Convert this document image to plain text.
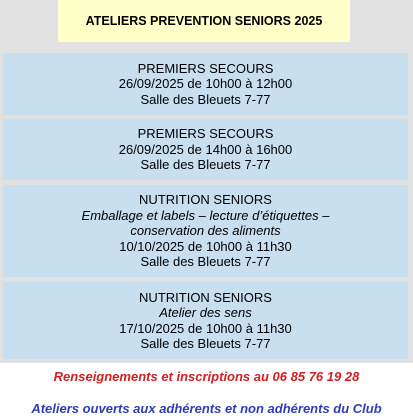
ATELIERS PREVENTION SENIORS 2025
PREMIERS SECOURS
26/09/2025 de 10h00 à 12h00
Salle des Bleuets 7-77
PREMIERS SECOURS
26/09/2025 de 14h00 à 16h00
Salle des Bleuets 7-77
NUTRITION SENIORS
Emballage et labels – lecture d’étiquettes –
conservation des aliments
10/10/2025 de 10h00 à 11h30
Salle des Bleuets 7-77
NUTRITION SENIORS
Atelier des sens
17/10/2025 de 10h00 à 11h30
Salle des Bleuets 7-77
Renseignements et inscriptions au 06 85 76 19 28
Ateliers ouverts aux adhérents et non adhérents du Club
